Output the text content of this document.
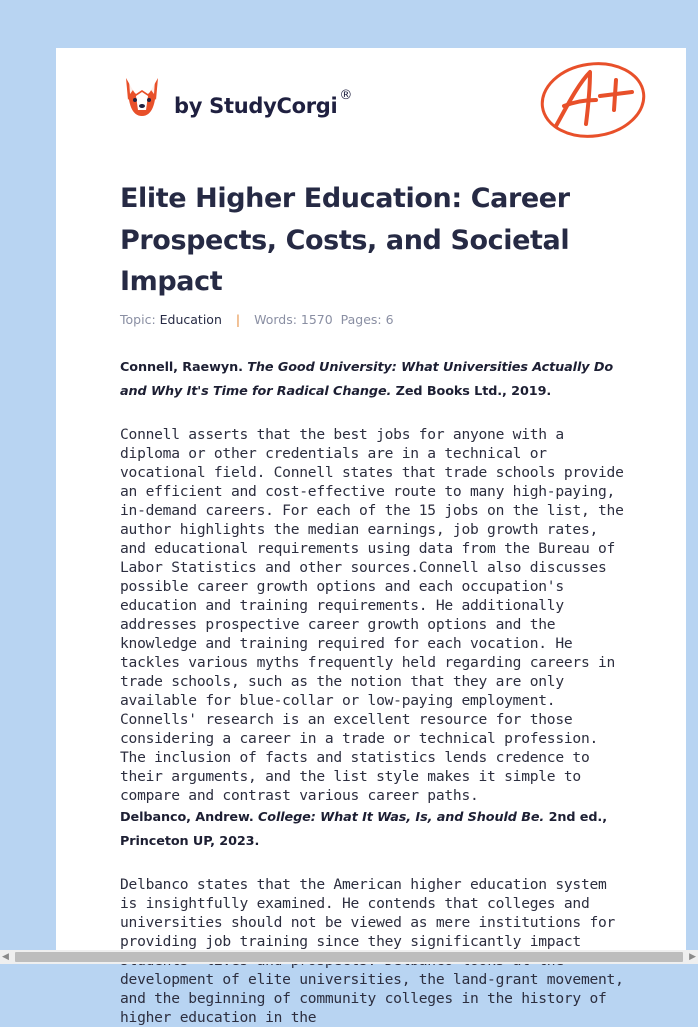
by StudyCorgi ®
Elite Higher Education: Career Prospects, Costs, and Societal Impact
Topic: Education | Words: 1570 Pages: 6

Connell, Raewyn. The Good University: What Universities Actually Do and Why It's Time for Radical Change. Zed Books Ltd., 2019.

Connell asserts that the best jobs for anyone with a diploma or other credentials are in a technical or vocational field. Connell states that trade schools provide an efficient and cost-effective route to many high-paying, in-demand careers. For each of the 15 jobs on the list, the author highlights the median earnings, job growth rates, and educational requirements using data from the Bureau of Labor Statistics and other sources.Connell also discusses possible career growth options and each occupation's education and training requirements. He additionally addresses prospective career growth options and the knowledge and training required for each vocation. He tackles various myths frequently held regarding careers in trade schools, such as the notion that they are only available for blue-collar or low-paying employment. Connells' research is an excellent resource for those considering a career in a trade or technical profession. The inclusion of facts and statistics lends credence to their arguments, and the list style makes it simple to compare and contrast various career paths.

Delbanco, Andrew. College: What It Was, Is, and Should Be. 2nd ed., Princeton UP, 2023.

Delbanco states that the American higher education system is insightfully examined. He contends that colleges and universities should not be viewed as mere institutions for providing job training since they significantly impact development of elite universities, the land-grant movement, and the beginning of community colleges in the history of higher education in the

◀	▶
